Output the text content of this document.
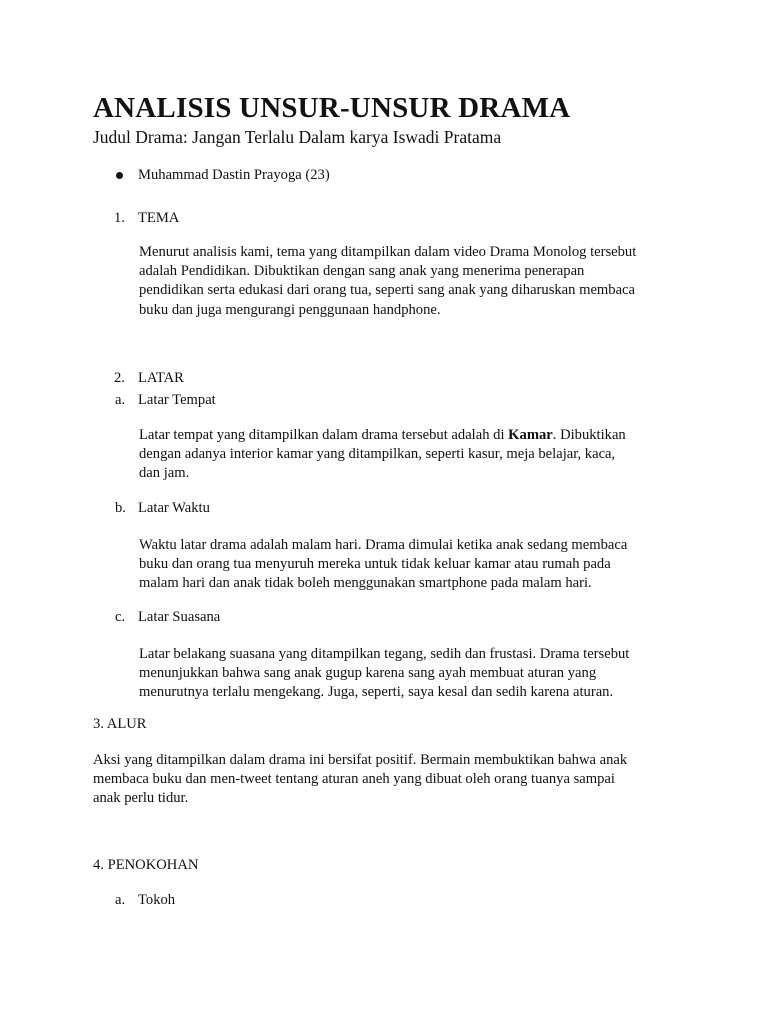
ANALISIS UNSUR-UNSUR DRAMA

Judul Drama: Jangan Terlalu Dalam karya Iswadi Pratama

Muhammad Dastin Prayoga (23)

1. TEMA

Menurut analisis kami, tema yang ditampilkan dalam video Drama Monolog tersebut
adalah Pendidikan. Dibuktikan dengan sang anak yang menerima penerapan
pendidikan serta edukasi dari orang tua, seperti sang anak yang diharuskan membaca
buku dan juga mengurangi penggunaan handphone.

2. LATAR

a. Latar Tempat

Latar tempat yang ditampilkan dalam drama tersebut adalah di Kamar. Dibuktikan
dengan adanya interior kamar yang ditampilkan, seperti kasur, meja belajar, kaca,
dan jam.

b. Latar Waktu

Waktu latar drama adalah malam hari. Drama dimulai ketika anak sedang membaca
buku dan orang tua menyuruh mereka untuk tidak keluar kamar atau rumah pada
malam hari dan anak tidak boleh menggunakan smartphone pada malam hari.

c. Latar Suasana

Latar belakang suasana yang ditampilkan tegang, sedih dan frustasi. Drama tersebut
menunjukkan bahwa sang anak gugup karena sang ayah membuat aturan yang
menurutnya terlalu mengekang. Juga, seperti, saya kesal dan sedih karena aturan.

3. ALUR

Aksi yang ditampilkan dalam drama ini bersifat positif. Bermain membuktikan bahwa anak
membaca buku dan men-tweet tentang aturan aneh yang dibuat oleh orang tuanya sampai
anak perlu tidur.

4. PENOKOHAN

a. Tokoh
